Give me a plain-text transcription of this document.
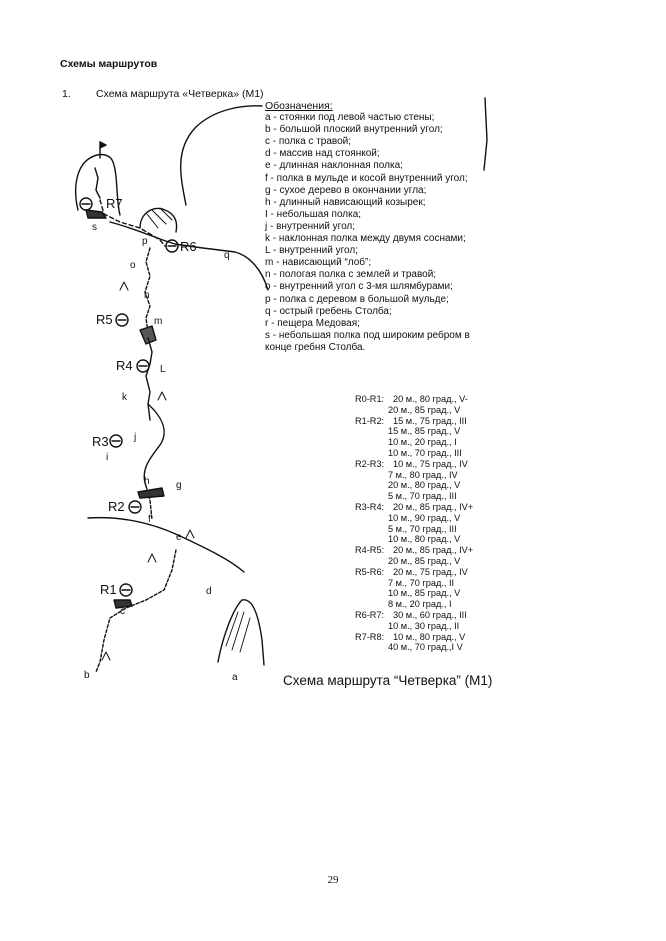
Схемы маршрутов
1. Схема маршрута «Четверка» (М1)
R7
R6
R5
R4
R3
R2
R1
a
b
c
d
e
f
g
h
i
j
k
L
m
n
o
p
q
s
Обозначения:
a - стоянки под левой частью стены;
b - большой плоский внутренний угол;
c - полка с травой;
d - массив над стоянкой;
e - длинная наклонная полка;
f - полка в мульде и косой внутренний угол;
g - сухое дерево в окончании угла;
h - длинный нависающий козырек;
I - небольшая полка;
j - внутренний угол;
k - наклонная полка между двумя соснами;
L - внутренний угол;
m - нависающий “лоб”;
n - пологая полка с землей и травой;
o - внутренний угол с 3-мя шлямбурами;
p - полка с деревом в большой мульде;
q - острый гребень Столба;
r - пещера Медовая;
s - небольшая полка под широким ребром в конце гребня Столба.
R0-R1: 20 м., 80 град., V-
20 м., 85 град., V
R1-R2: 15 м., 75 град., III
15 м., 85 град., V
10 м., 20 град., I
10 м., 70 град., III
R2-R3: 10 м., 75 град., IV
7 м., 80 град., IV
20 м., 80 град., V
5 м., 70 град., III
R3-R4: 20 м., 85 град., IV+
10 м., 90 град., V
5 м., 70 град., III
10 м., 80 град., V
R4-R5: 20 м., 85 град., IV+
20 м., 85 град., V
R5-R6: 20 м., 75 град., IV
7 м., 70 град., II
10 м., 85 град., V
8 м., 20 град., I
R6-R7: 30 м., 60 град., III
10 м., 30 град., II
R7-R8: 10 м., 80 град., V
40 м., 70 град.,I V
Схема маршрута “Четверка” (М1)
29
